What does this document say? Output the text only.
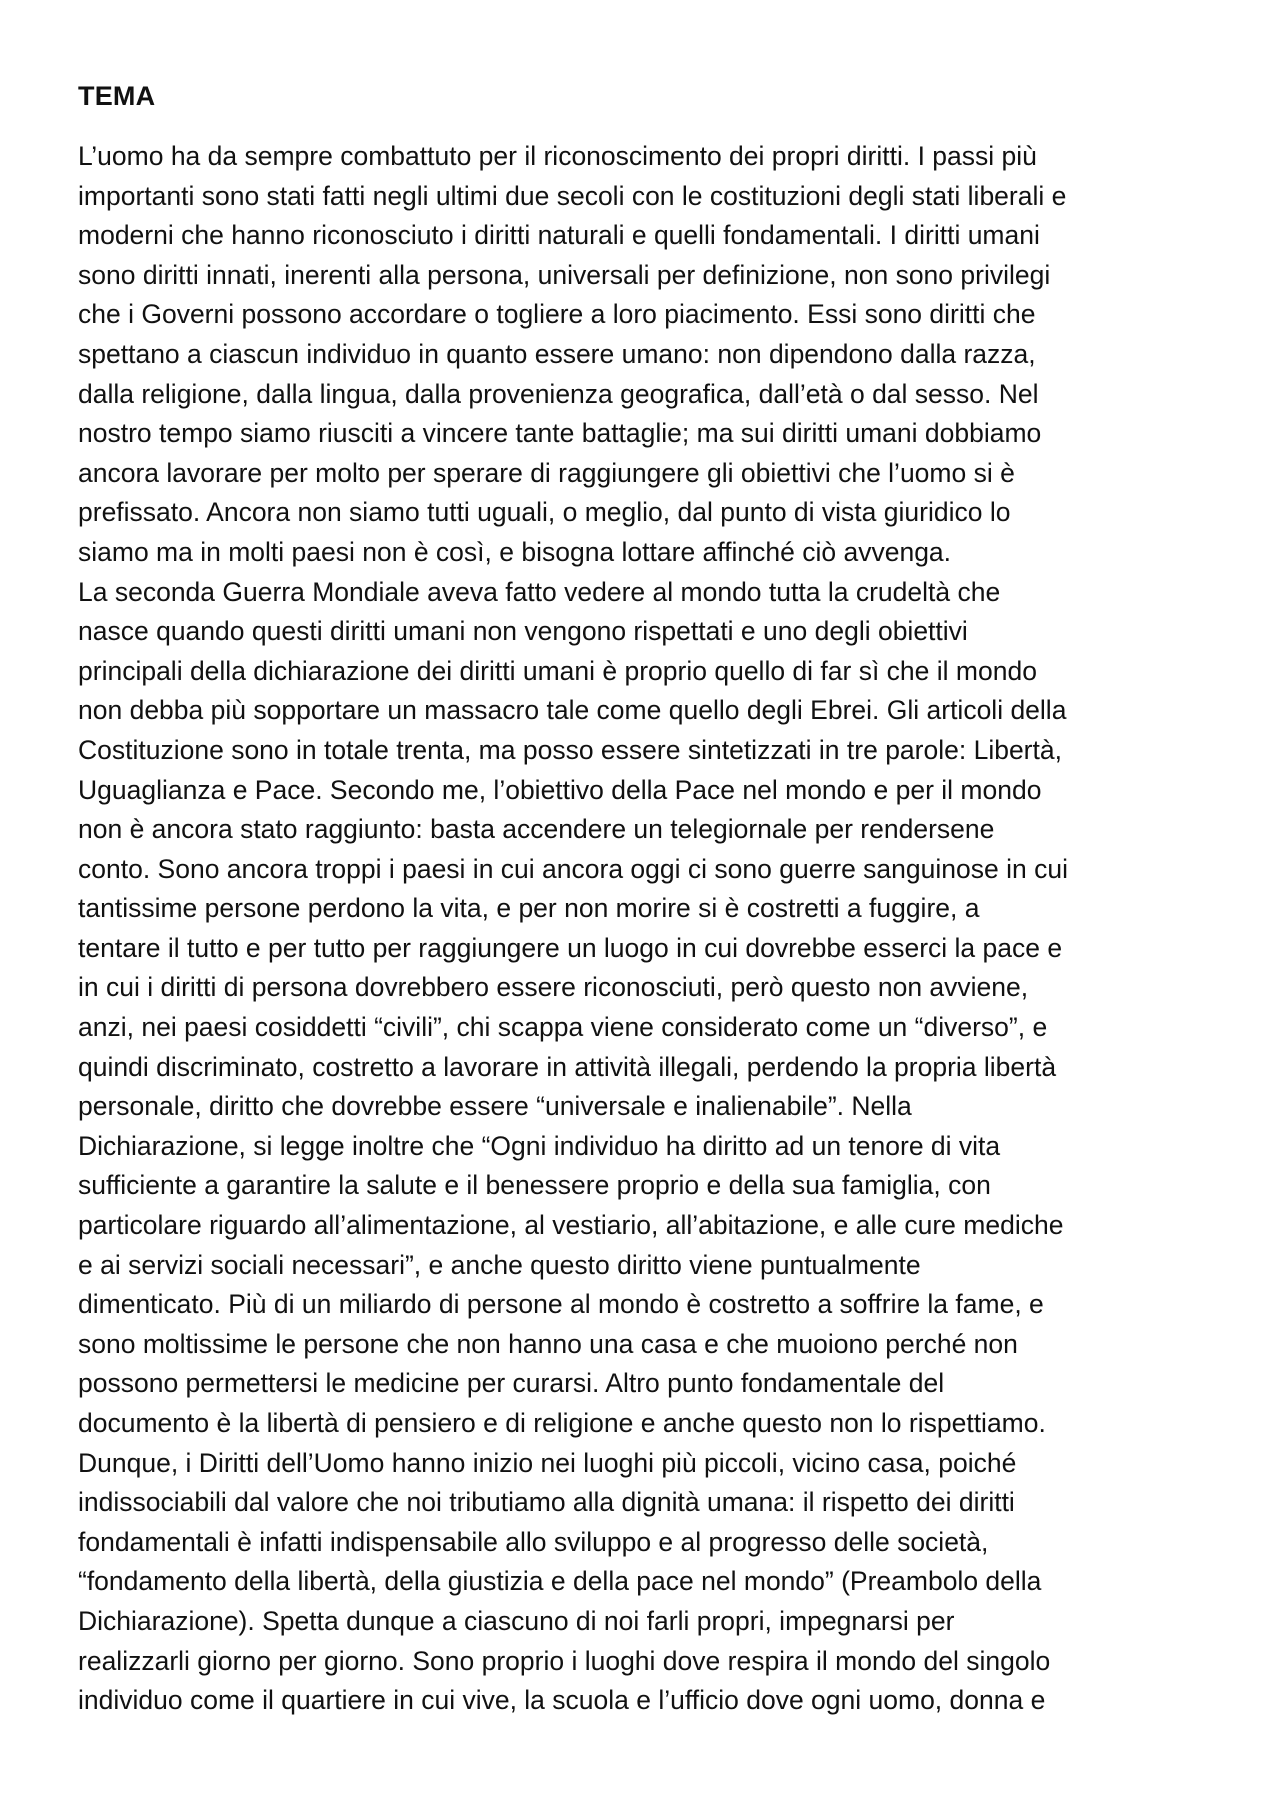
TEMA
L’uomo ha da sempre combattuto per il riconoscimento dei propri diritti. I passi più
importanti sono stati fatti negli ultimi due secoli con le costituzioni degli stati liberali e
moderni che hanno riconosciuto i diritti naturali e quelli fondamentali. I diritti umani
sono diritti innati, inerenti alla persona, universali per definizione, non sono privilegi
che i Governi possono accordare o togliere a loro piacimento. Essi sono diritti che
spettano a ciascun individuo in quanto essere umano: non dipendono dalla razza,
dalla religione, dalla lingua, dalla provenienza geografica, dall’età o dal sesso. Nel
nostro tempo siamo riusciti a vincere tante battaglie; ma sui diritti umani dobbiamo
ancora lavorare per molto per sperare di raggiungere gli obiettivi che l’uomo si è
prefissato. Ancora non siamo tutti uguali, o meglio, dal punto di vista giuridico lo
siamo ma in molti paesi non è così, e bisogna lottare affinché ciò avvenga.
La seconda Guerra Mondiale aveva fatto vedere al mondo tutta la crudeltà che
nasce quando questi diritti umani non vengono rispettati e uno degli obiettivi
principali della dichiarazione dei diritti umani è proprio quello di far sì che il mondo
non debba più sopportare un massacro tale come quello degli Ebrei. Gli articoli della
Costituzione sono in totale trenta, ma posso essere sintetizzati in tre parole: Libertà,
Uguaglianza e Pace. Secondo me, l’obiettivo della Pace nel mondo e per il mondo
non è ancora stato raggiunto: basta accendere un telegiornale per rendersene
conto. Sono ancora troppi i paesi in cui ancora oggi ci sono guerre sanguinose in cui
tantissime persone perdono la vita, e per non morire si è costretti a fuggire, a
tentare il tutto e per tutto per raggiungere un luogo in cui dovrebbe esserci la pace e
in cui i diritti di persona dovrebbero essere riconosciuti, però questo non avviene,
anzi, nei paesi cosiddetti “civili”, chi scappa viene considerato come un “diverso”, e
quindi discriminato, costretto a lavorare in attività illegali, perdendo la propria libertà
personale, diritto che dovrebbe essere “universale e inalienabile”. Nella
Dichiarazione, si legge inoltre che “Ogni individuo ha diritto ad un tenore di vita
sufficiente a garantire la salute e il benessere proprio e della sua famiglia, con
particolare riguardo all’alimentazione, al vestiario, all’abitazione, e alle cure mediche
e ai servizi sociali necessari”, e anche questo diritto viene puntualmente
dimenticato. Più di un miliardo di persone al mondo è costretto a soffrire la fame, e
sono moltissime le persone che non hanno una casa e che muoiono perché non
possono permettersi le medicine per curarsi. Altro punto fondamentale del
documento è la libertà di pensiero e di religione e anche questo non lo rispettiamo.
Dunque, i Diritti dell’Uomo hanno inizio nei luoghi più piccoli, vicino casa, poiché
indissociabili dal valore che noi tributiamo alla dignità umana: il rispetto dei diritti
fondamentali è infatti indispensabile allo sviluppo e al progresso delle società,
“fondamento della libertà, della giustizia e della pace nel mondo” (Preambolo della
Dichiarazione). Spetta dunque a ciascuno di noi farli propri, impegnarsi per
realizzarli giorno per giorno. Sono proprio i luoghi dove respira il mondo del singolo
individuo come il quartiere in cui vive, la scuola e l’ufficio dove ogni uomo, donna e
